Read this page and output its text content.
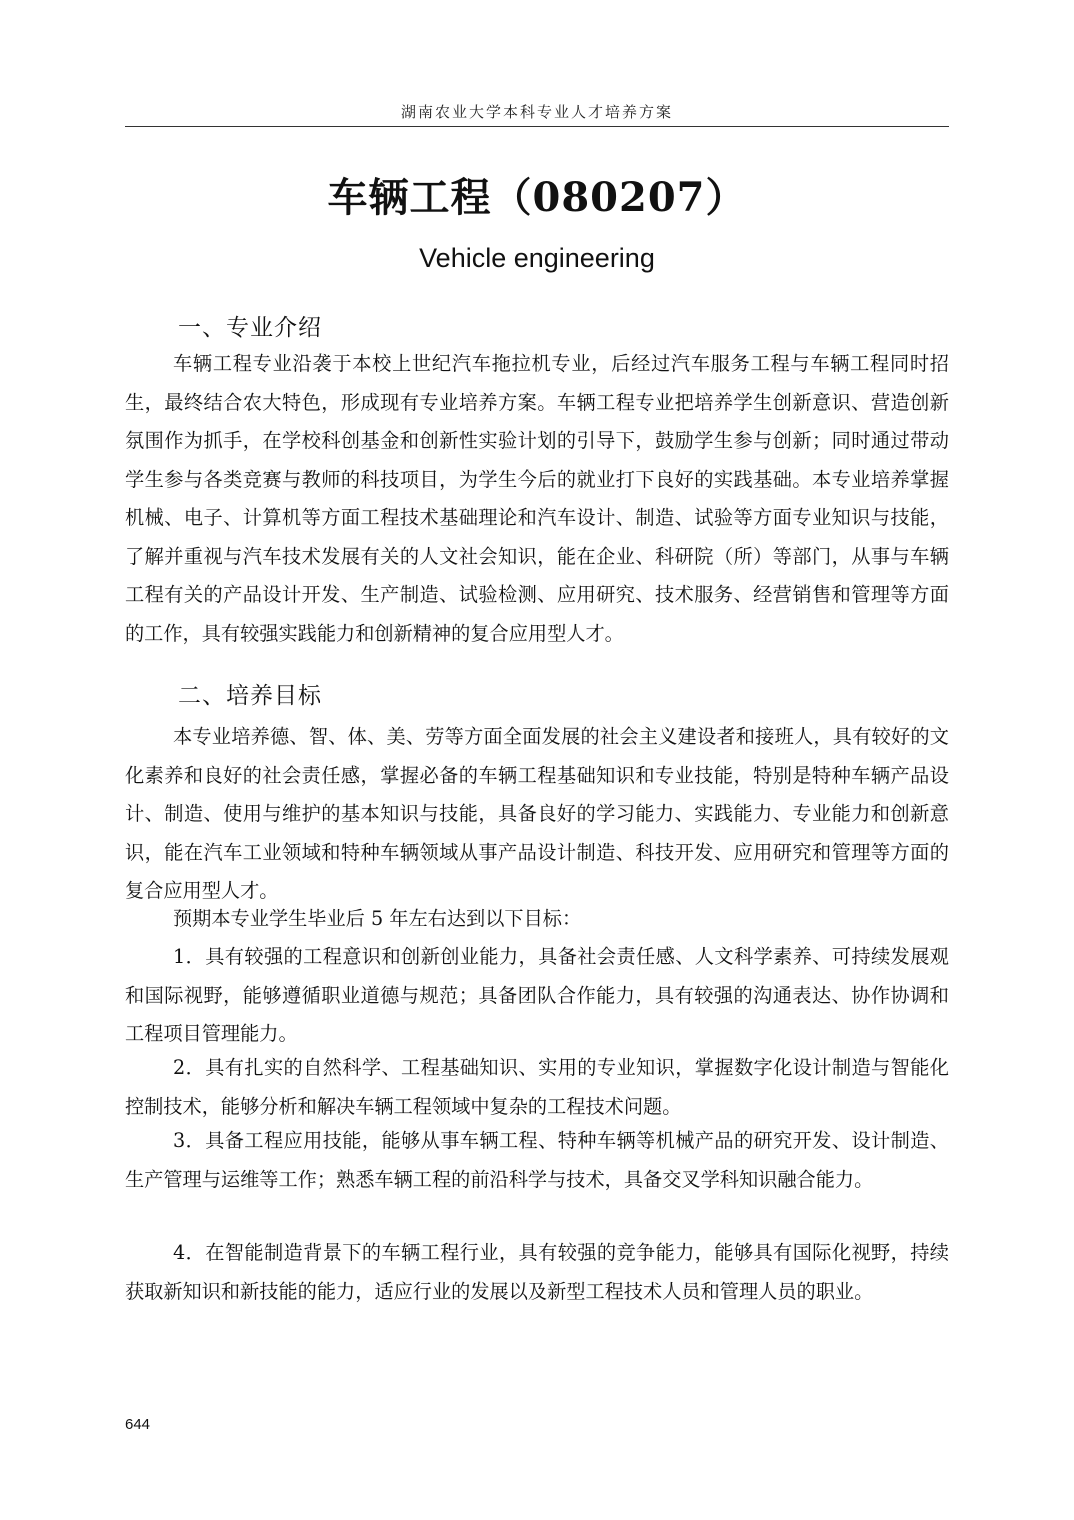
湖南农业大学本科专业人才培养方案
车辆工程（080207）
Vehicle engineering
一、专业介绍

车辆工程专业沿袭于本校上世纪汽车拖拉机专业，后经过汽车服务工程与车辆工程同时招生，最终结合农大特色，形成现有专业培养方案。车辆工程专业把培养学生创新意识、营造创新氛围作为抓手，在学校科创基金和创新性实验计划的引导下，鼓励学生参与创新；同时通过带动学生参与各类竞赛与教师的科技项目，为学生今后的就业打下良好的实践基础。本专业培养掌握机械、电子、计算机等方面工程技术基础理论和汽车设计、制造、试验等方面专业知识与技能，了解并重视与汽车技术发展有关的人文社会知识，能在企业、科研院（所）等部门，从事与车辆工程有关的产品设计开发、生产制造、试验检测、应用研究、技术服务、经营销售和管理等方面的工作，具有较强实践能力和创新精神的复合应用型人才。

二、培养目标

本专业培养德、智、体、美、劳等方面全面发展的社会主义建设者和接班人，具有较好的文化素养和良好的社会责任感，掌握必备的车辆工程基础知识和专业技能，特别是特种车辆产品设计、制造、使用与维护的基本知识与技能，具备良好的学习能力、实践能力、专业能力和创新意识，能在汽车工业领域和特种车辆领域从事产品设计制造、科技开发、应用研究和管理等方面的复合应用型人才。

预期本专业学生毕业后 5 年左右达到以下目标：

1．具有较强的工程意识和创新创业能力，具备社会责任感、人文科学素养、可持续发展观和国际视野，能够遵循职业道德与规范；具备团队合作能力，具有较强的沟通表达、协作协调和工程项目管理能力。

2．具有扎实的自然科学、工程基础知识、实用的专业知识，掌握数字化设计制造与智能化控制技术，能够分析和解决车辆工程领域中复杂的工程技术问题。

3．具备工程应用技能，能够从事车辆工程、特种车辆等机械产品的研究开发、设计制造、生产管理与运维等工作；熟悉车辆工程的前沿科学与技术，具备交叉学科知识融合能力。

4．在智能制造背景下的车辆工程行业，具有较强的竞争能力，能够具有国际化视野，持续获取新知识和新技能的能力，适应行业的发展以及新型工程技术人员和管理人员的职业。

644
